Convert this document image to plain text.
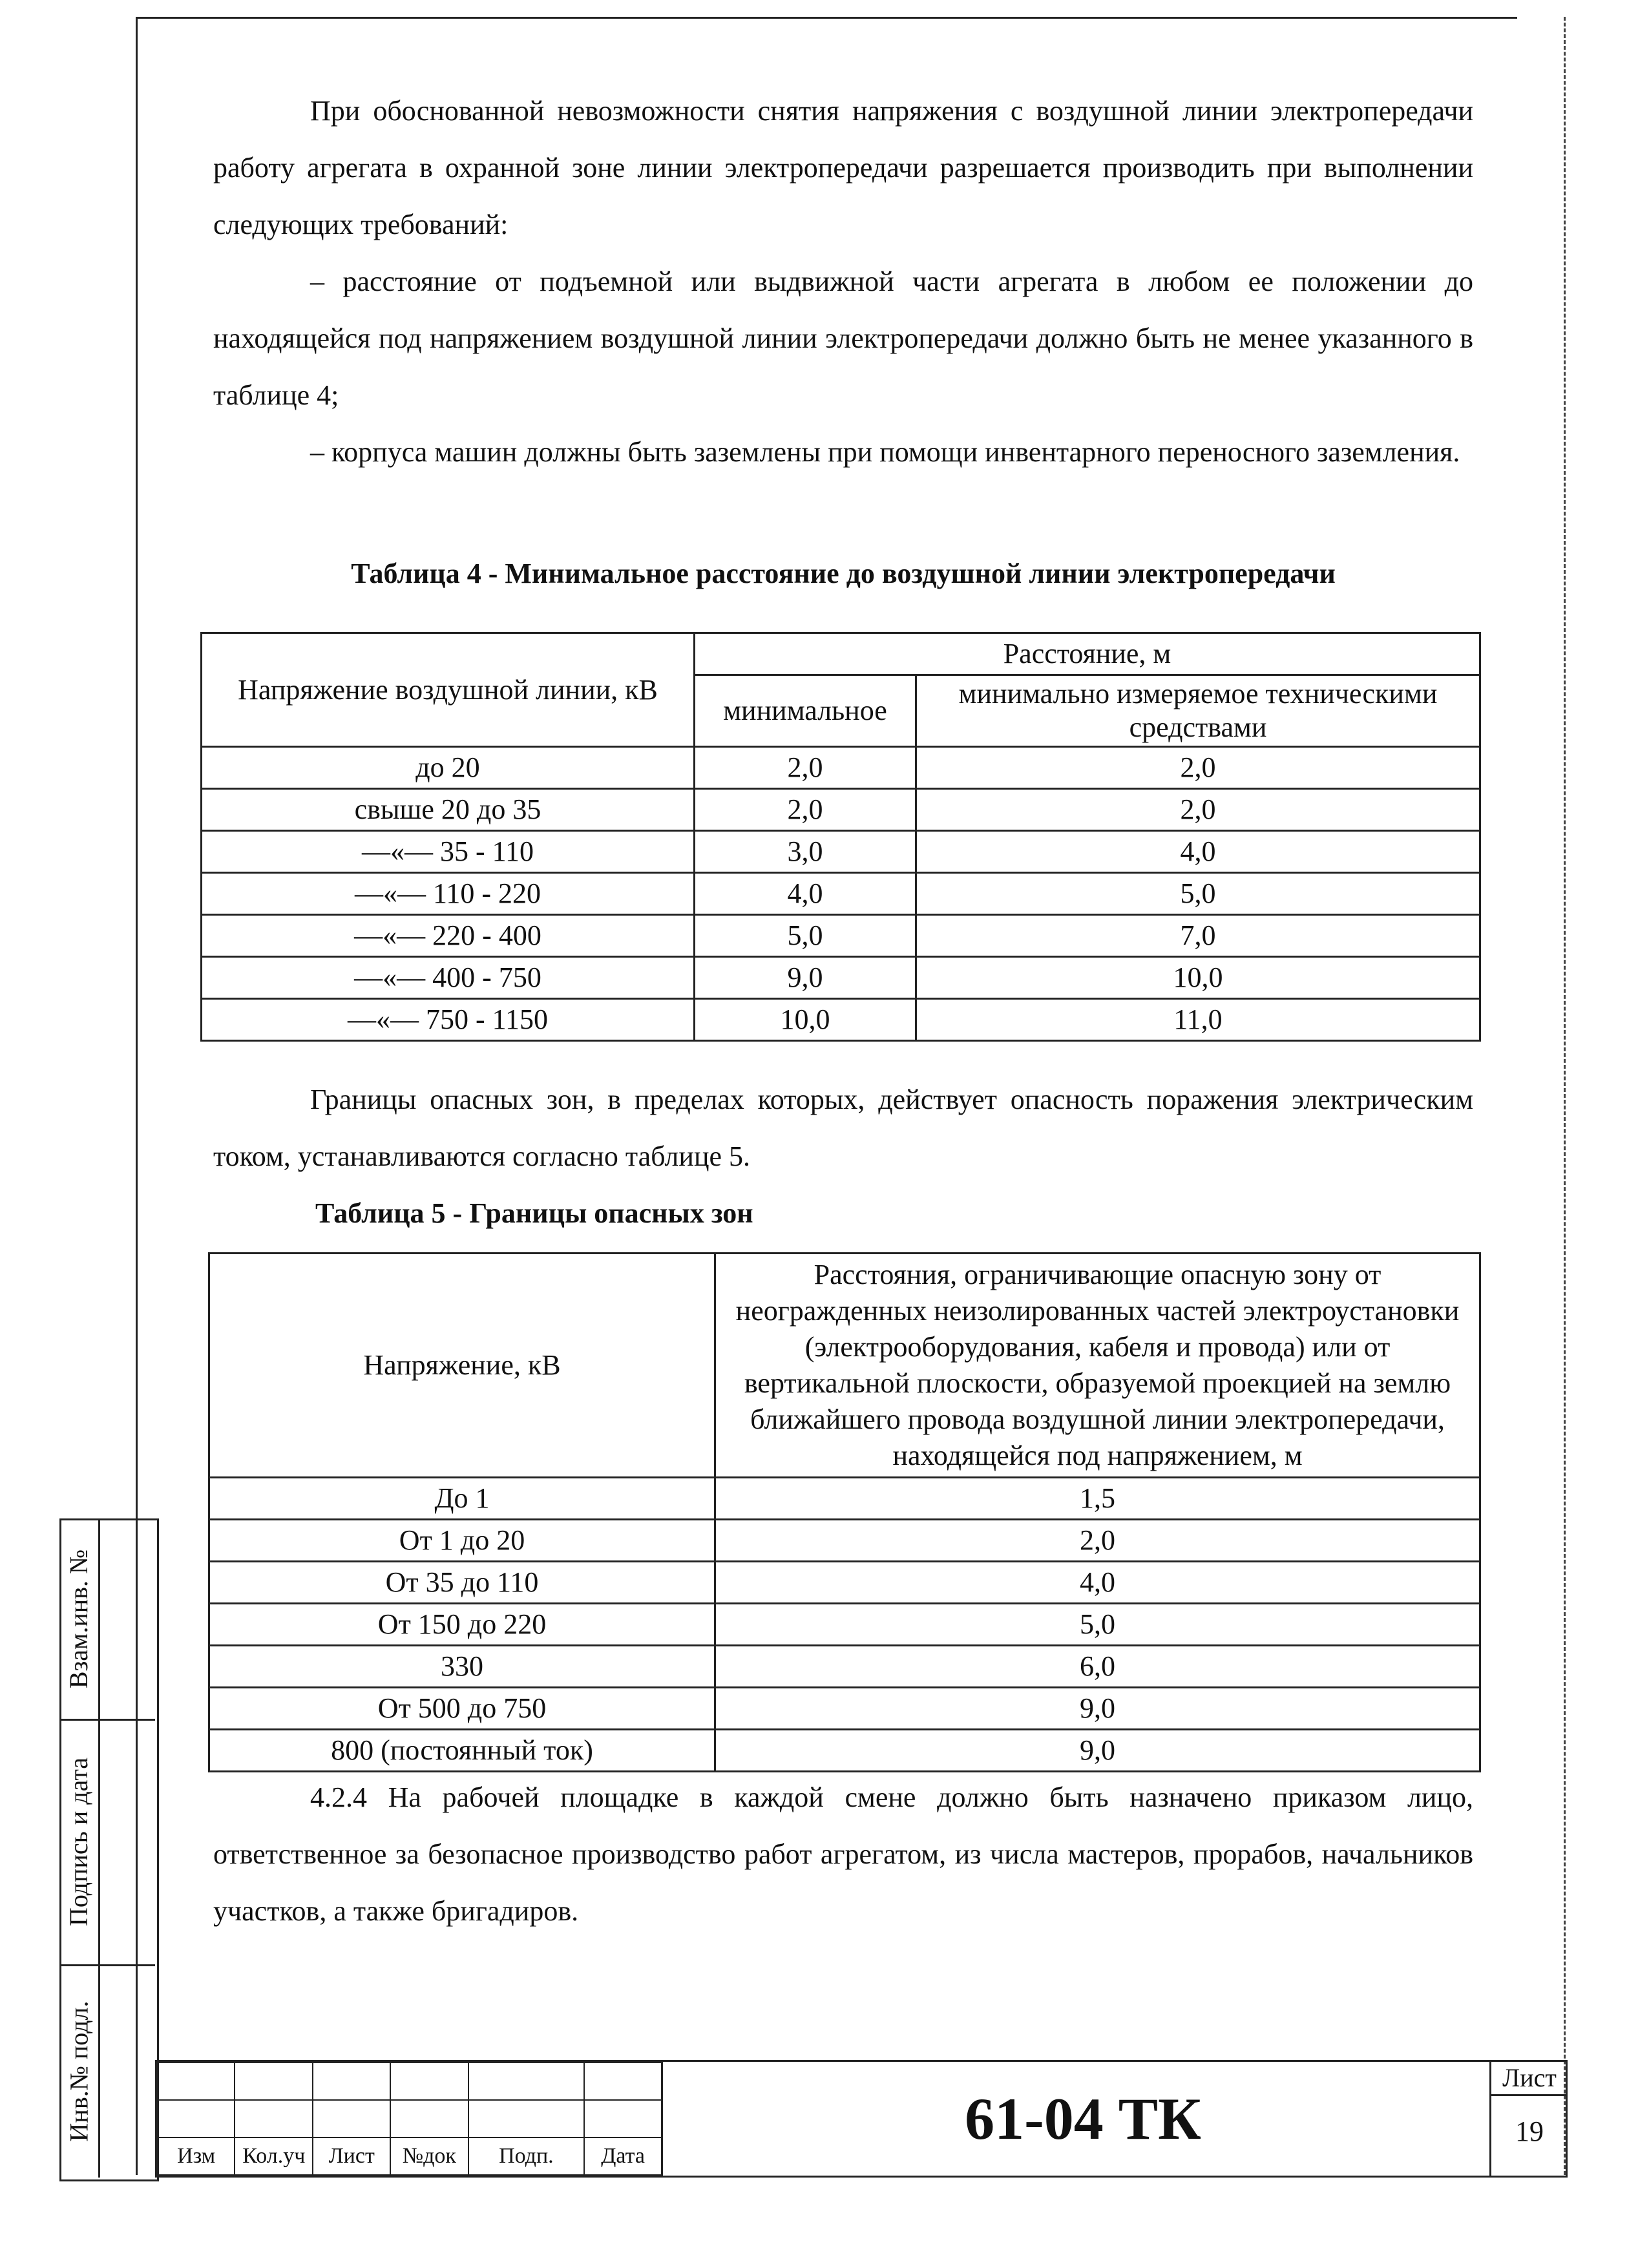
При обоснованной невозможности снятия напряжения с воздушной линии электропередачи работу агрегата в охранной зоне линии электропередачи разрешается производить при выполнении следующих требований:

– расстояние от подъемной или выдвижной части агрегата в любом ее положении до находящейся под напряжением воздушной линии электропередачи должно быть не менее указанного в таблице 4;

– корпуса машин должны быть заземлены при помощи инвентарного переносного заземления.

Таблица 4 - Минимальное расстояние до воздушной линии электропередачи
Напряжение воздушной линии, кВ	Расстояние, м	
	минимальное	минимально измеряемое техническими средствами
до 20	2,0	2,0
свыше 20 до 35	2,0	2,0
—«— 35 - 110	3,0	4,0
—«— 110 - 220	4,0	5,0
—«— 220 - 400	5,0	7,0
—«— 400 - 750	9,0	10,0
—«— 750 - 1150	10,0	11,0

Границы опасных зон, в пределах которых, действует опасность поражения электрическим током, устанавливаются согласно таблице 5.

Таблица 5 - Границы опасных зон
Напряжение, кВ	Расстояния, ограничивающие опасную зону от неогражденных неизолированных частей электроустановки (электрооборудования, кабеля и провода) или от вертикальной плоскости, образуемой проекцией на землю ближайшего провода воздушной линии электропередачи, находящейся под напряжением, м
До 1	1,5
От 1 до 20	2,0
От 35 до 110	4,0
От 150 до 220	5,0
330	6,0
От 500 до 750	9,0
800 (постоянный ток)	9,0

4.2.4 На рабочей площадке в каждой смене должно быть назначено приказом лицо, ответственное за безопасное производство работ агрегатом, из числа мастеров, прорабов, начальников участков, а также бригадиров.

Взам.инв. №
Подпись и дата
Инв.№ подл.

Изм	Кол.уч	Лист	№док	Подп.	Дата
61-04 ТК
Лист
19
